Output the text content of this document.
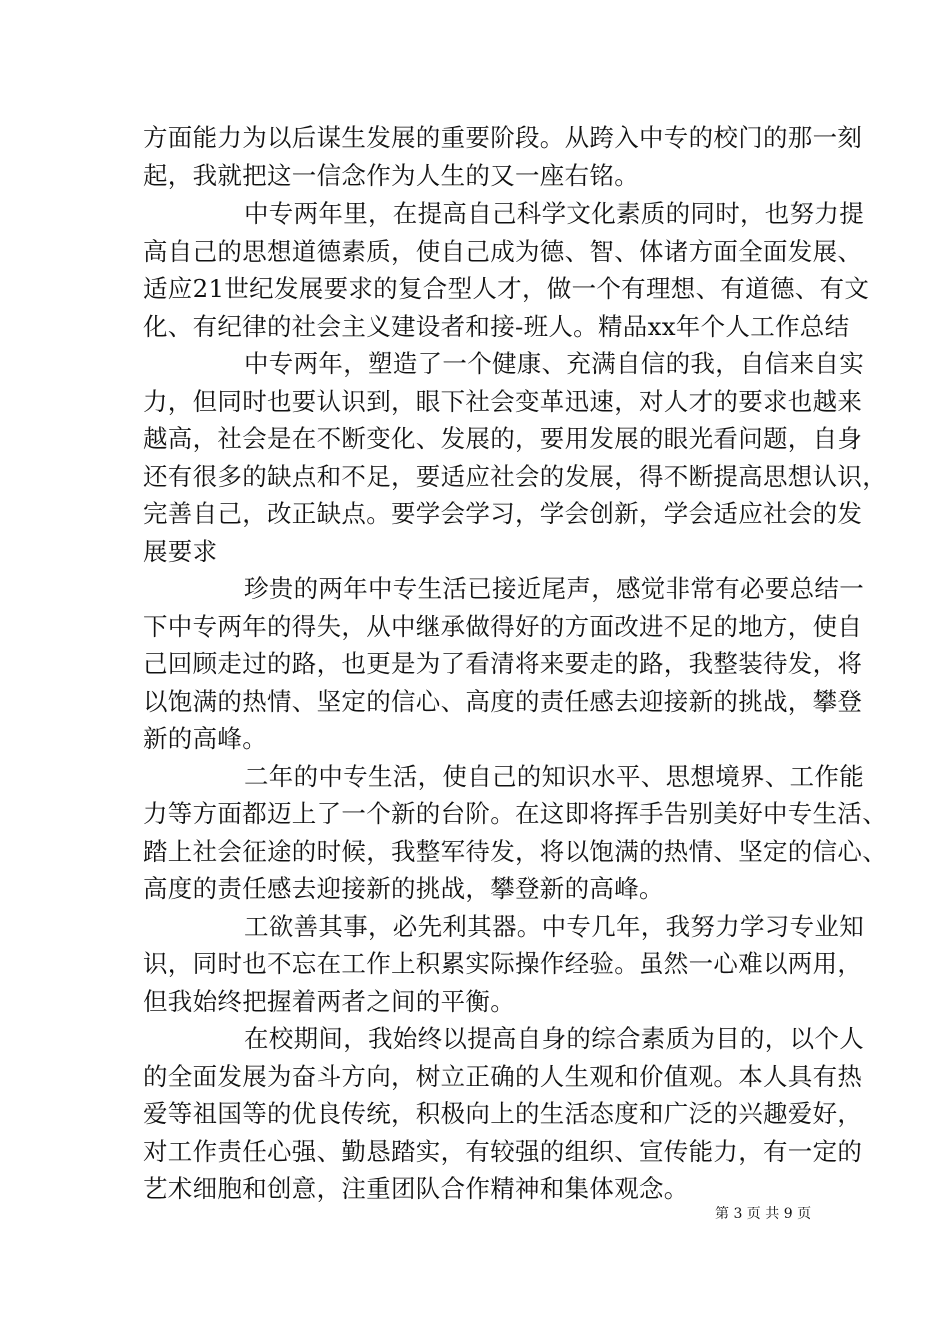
方面能力为以后谋生发展的重要阶段。从跨入中专的校门的那一刻
起，我就把这一信念作为人生的又一座右铭。
中专两年里，在提高自己科学文化素质的同时，也努力提
高自己的思想道德素质，使自己成为德、智、体诸方面全面发展、
适应21世纪发展要求的复合型人才，做一个有理想、有道德、有文
化、有纪律的社会主义建设者和接-班人。精品xx年个人工作总结
中专两年，塑造了一个健康、充满自信的我，自信来自实
力，但同时也要认识到，眼下社会变革迅速，对人才的要求也越来
越高，社会是在不断变化、发展的，要用发展的眼光看问题，自身
还有很多的缺点和不足，要适应社会的发展，得不断提高思想认识，
完善自己，改正缺点。要学会学习，学会创新，学会适应社会的发
展要求
珍贵的两年中专生活已接近尾声，感觉非常有必要总结一
下中专两年的得失，从中继承做得好的方面改进不足的地方，使自
己回顾走过的路，也更是为了看清将来要走的路，我整装待发，将
以饱满的热情、坚定的信心、高度的责任感去迎接新的挑战，攀登
新的高峰。
二年的中专生活，使自己的知识水平、思想境界、工作能
力等方面都迈上了一个新的台阶。在这即将挥手告别美好中专生活、
踏上社会征途的时候，我整军待发，将以饱满的热情、坚定的信心、
高度的责任感去迎接新的挑战，攀登新的高峰。
工欲善其事，必先利其器。中专几年，我努力学习专业知
识，同时也不忘在工作上积累实际操作经验。虽然一心难以两用，
但我始终把握着两者之间的平衡。
在校期间，我始终以提高自身的综合素质为目的，以个人
的全面发展为奋斗方向，树立正确的人生观和价值观。本人具有热
爱等祖国等的优良传统，积极向上的生活态度和广泛的兴趣爱好，
对工作责任心强、勤恳踏实，有较强的组织、宣传能力，有一定的
艺术细胞和创意，注重团队合作精神和集体观念。
第 3 页 共 9 页
